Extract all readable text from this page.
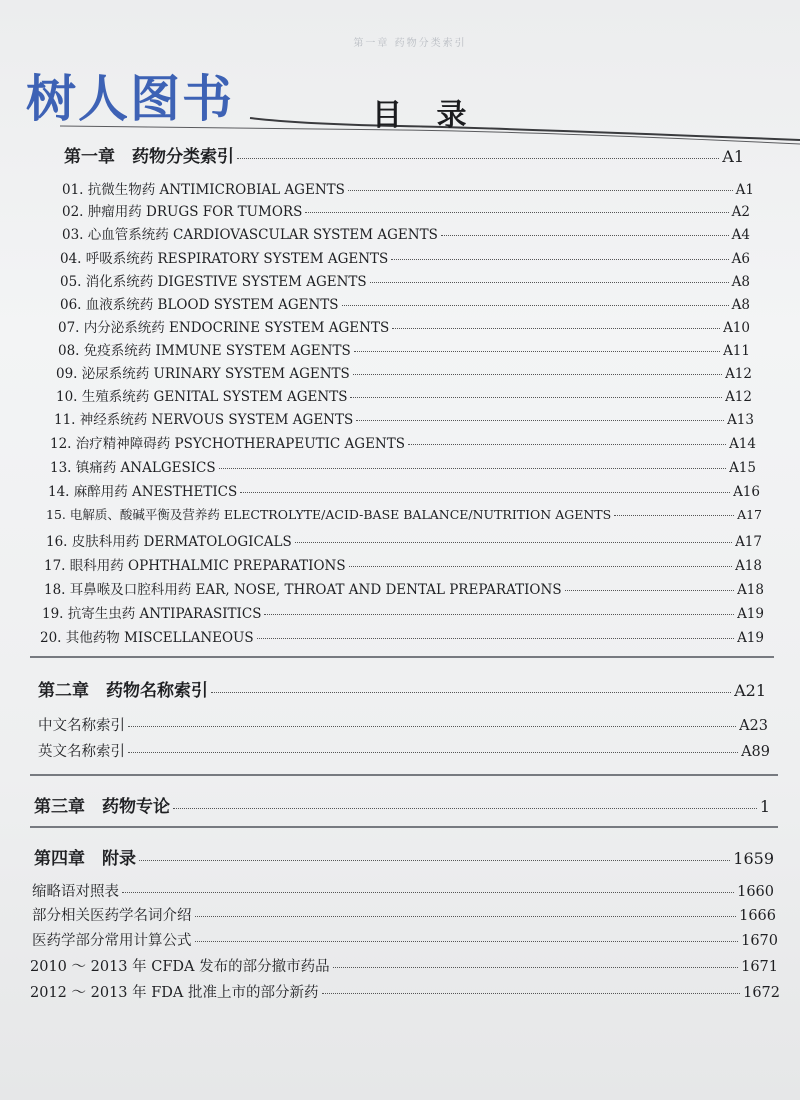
第一章 药物分类索引
树人图书	目 录
第一章　药物分类索引	A1
01. 抗微生物药 ANTIMICROBIAL AGENTS	A1
02. 肿瘤用药 DRUGS FOR TUMORS	A2
03. 心血管系统药 CARDIOVASCULAR SYSTEM AGENTS	A4
04. 呼吸系统药 RESPIRATORY SYSTEM AGENTS	A6
05. 消化系统药 DIGESTIVE SYSTEM AGENTS	A8
06. 血液系统药 BLOOD SYSTEM AGENTS	A8
07. 内分泌系统药 ENDOCRINE SYSTEM AGENTS	A10
08. 免疫系统药 IMMUNE SYSTEM AGENTS	A11
09. 泌尿系统药 URINARY SYSTEM AGENTS	A12
10. 生殖系统药 GENITAL SYSTEM AGENTS	A12
11. 神经系统药 NERVOUS SYSTEM AGENTS	A13
12. 治疗精神障碍药 PSYCHOTHERAPEUTIC AGENTS	A14
13. 镇痛药 ANALGESICS	A15
14. 麻醉用药 ANESTHETICS	A16
15. 电解质、酸碱平衡及营养药 ELECTROLYTE/ACID-BASE BALANCE/NUTRITION AGENTS	A17
16. 皮肤科用药 DERMATOLOGICALS	A17
17. 眼科用药 OPHTHALMIC PREPARATIONS	A18
18. 耳鼻喉及口腔科用药 EAR, NOSE, THROAT AND DENTAL PREPARATIONS	A18
19. 抗寄生虫药 ANTIPARASITICS	A19
20. 其他药物 MISCELLANEOUS	A19
第二章　药物名称索引	A21
中文名称索引	A23
英文名称索引	A89
第三章　药物专论	1
第四章　附录	1659
缩略语对照表	1660
部分相关医药学名词介绍	1666
医药学部分常用计算公式	1670
2010 ～ 2013 年 CFDA 发布的部分撤市药品	1671
2012 ～ 2013 年 FDA 批准上市的部分新药	1672
